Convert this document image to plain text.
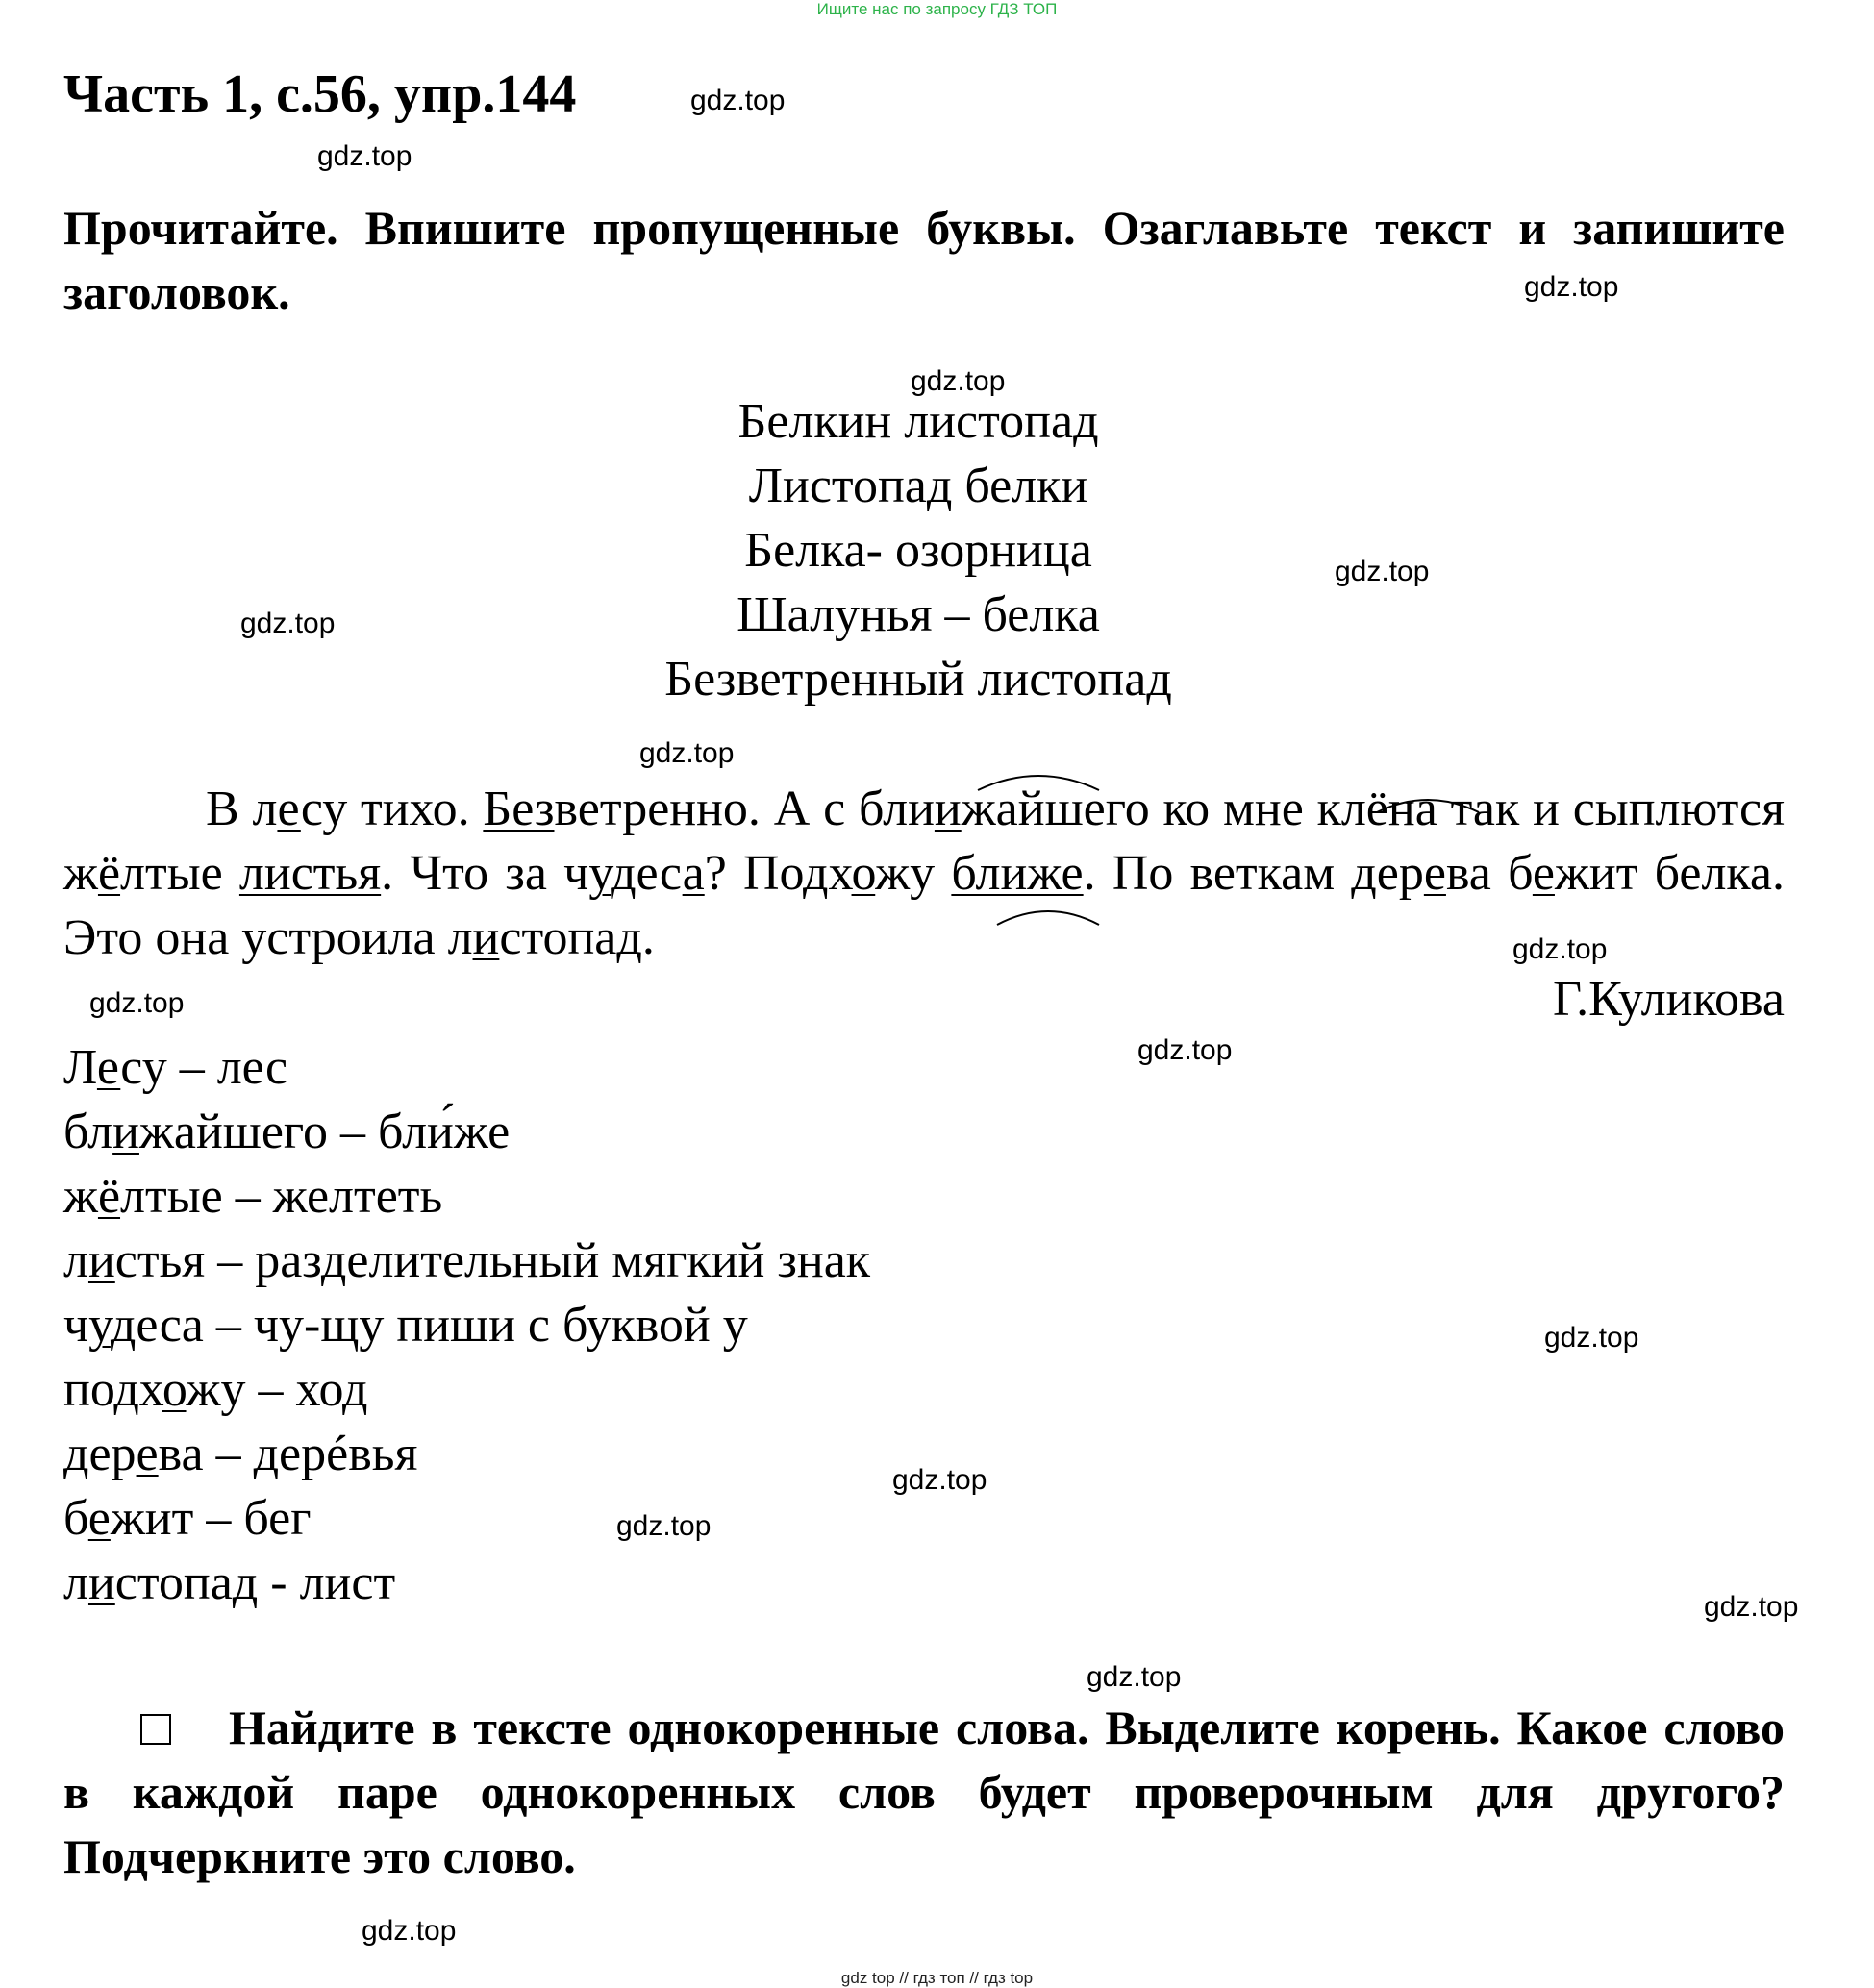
Ищите нас по запросу ГДЗ ТОП
Часть 1, с.56, упр.144
Прочитайте. Впишите пропущенные буквы. Озаглавьте текст и запишите заголовок.
Белкин листопад
Листопад белки
Белка- озорница
Шалунья – белка
Безветренный листопад
В лесу тихо. Безветренно. А с блиижайшего ко мне клёна так и сыплются жёлтые листья. Что за чудеса? Подхожу ближе. По веткам дерева бежит белка. Это она устроила листопад.
Г.Куликова
Лесу – лес
ближайшего – бли́же
жёлтые – желтеть
листья – разделительный мягкий знак
чудесa – чу-щу пиши с буквой у
подхожу – ход
дерева – дерéвья
бежит – бег
листопад - лист
Найдите в тексте однокоренные слова. Выделите корень. Какое слово в каждой паре однокоренных слов будет проверочным для другого? Подчеркните это слово.
gdz.top
gdz.top
gdz.top
gdz.top
gdz.top
gdz.top
gdz.top
gdz.top
gdz.top
gdz.top
gdz.top
gdz.top
gdz.top
gdz.top
gdz.top
gdz.top
gdz top // гдз топ // гдз top
